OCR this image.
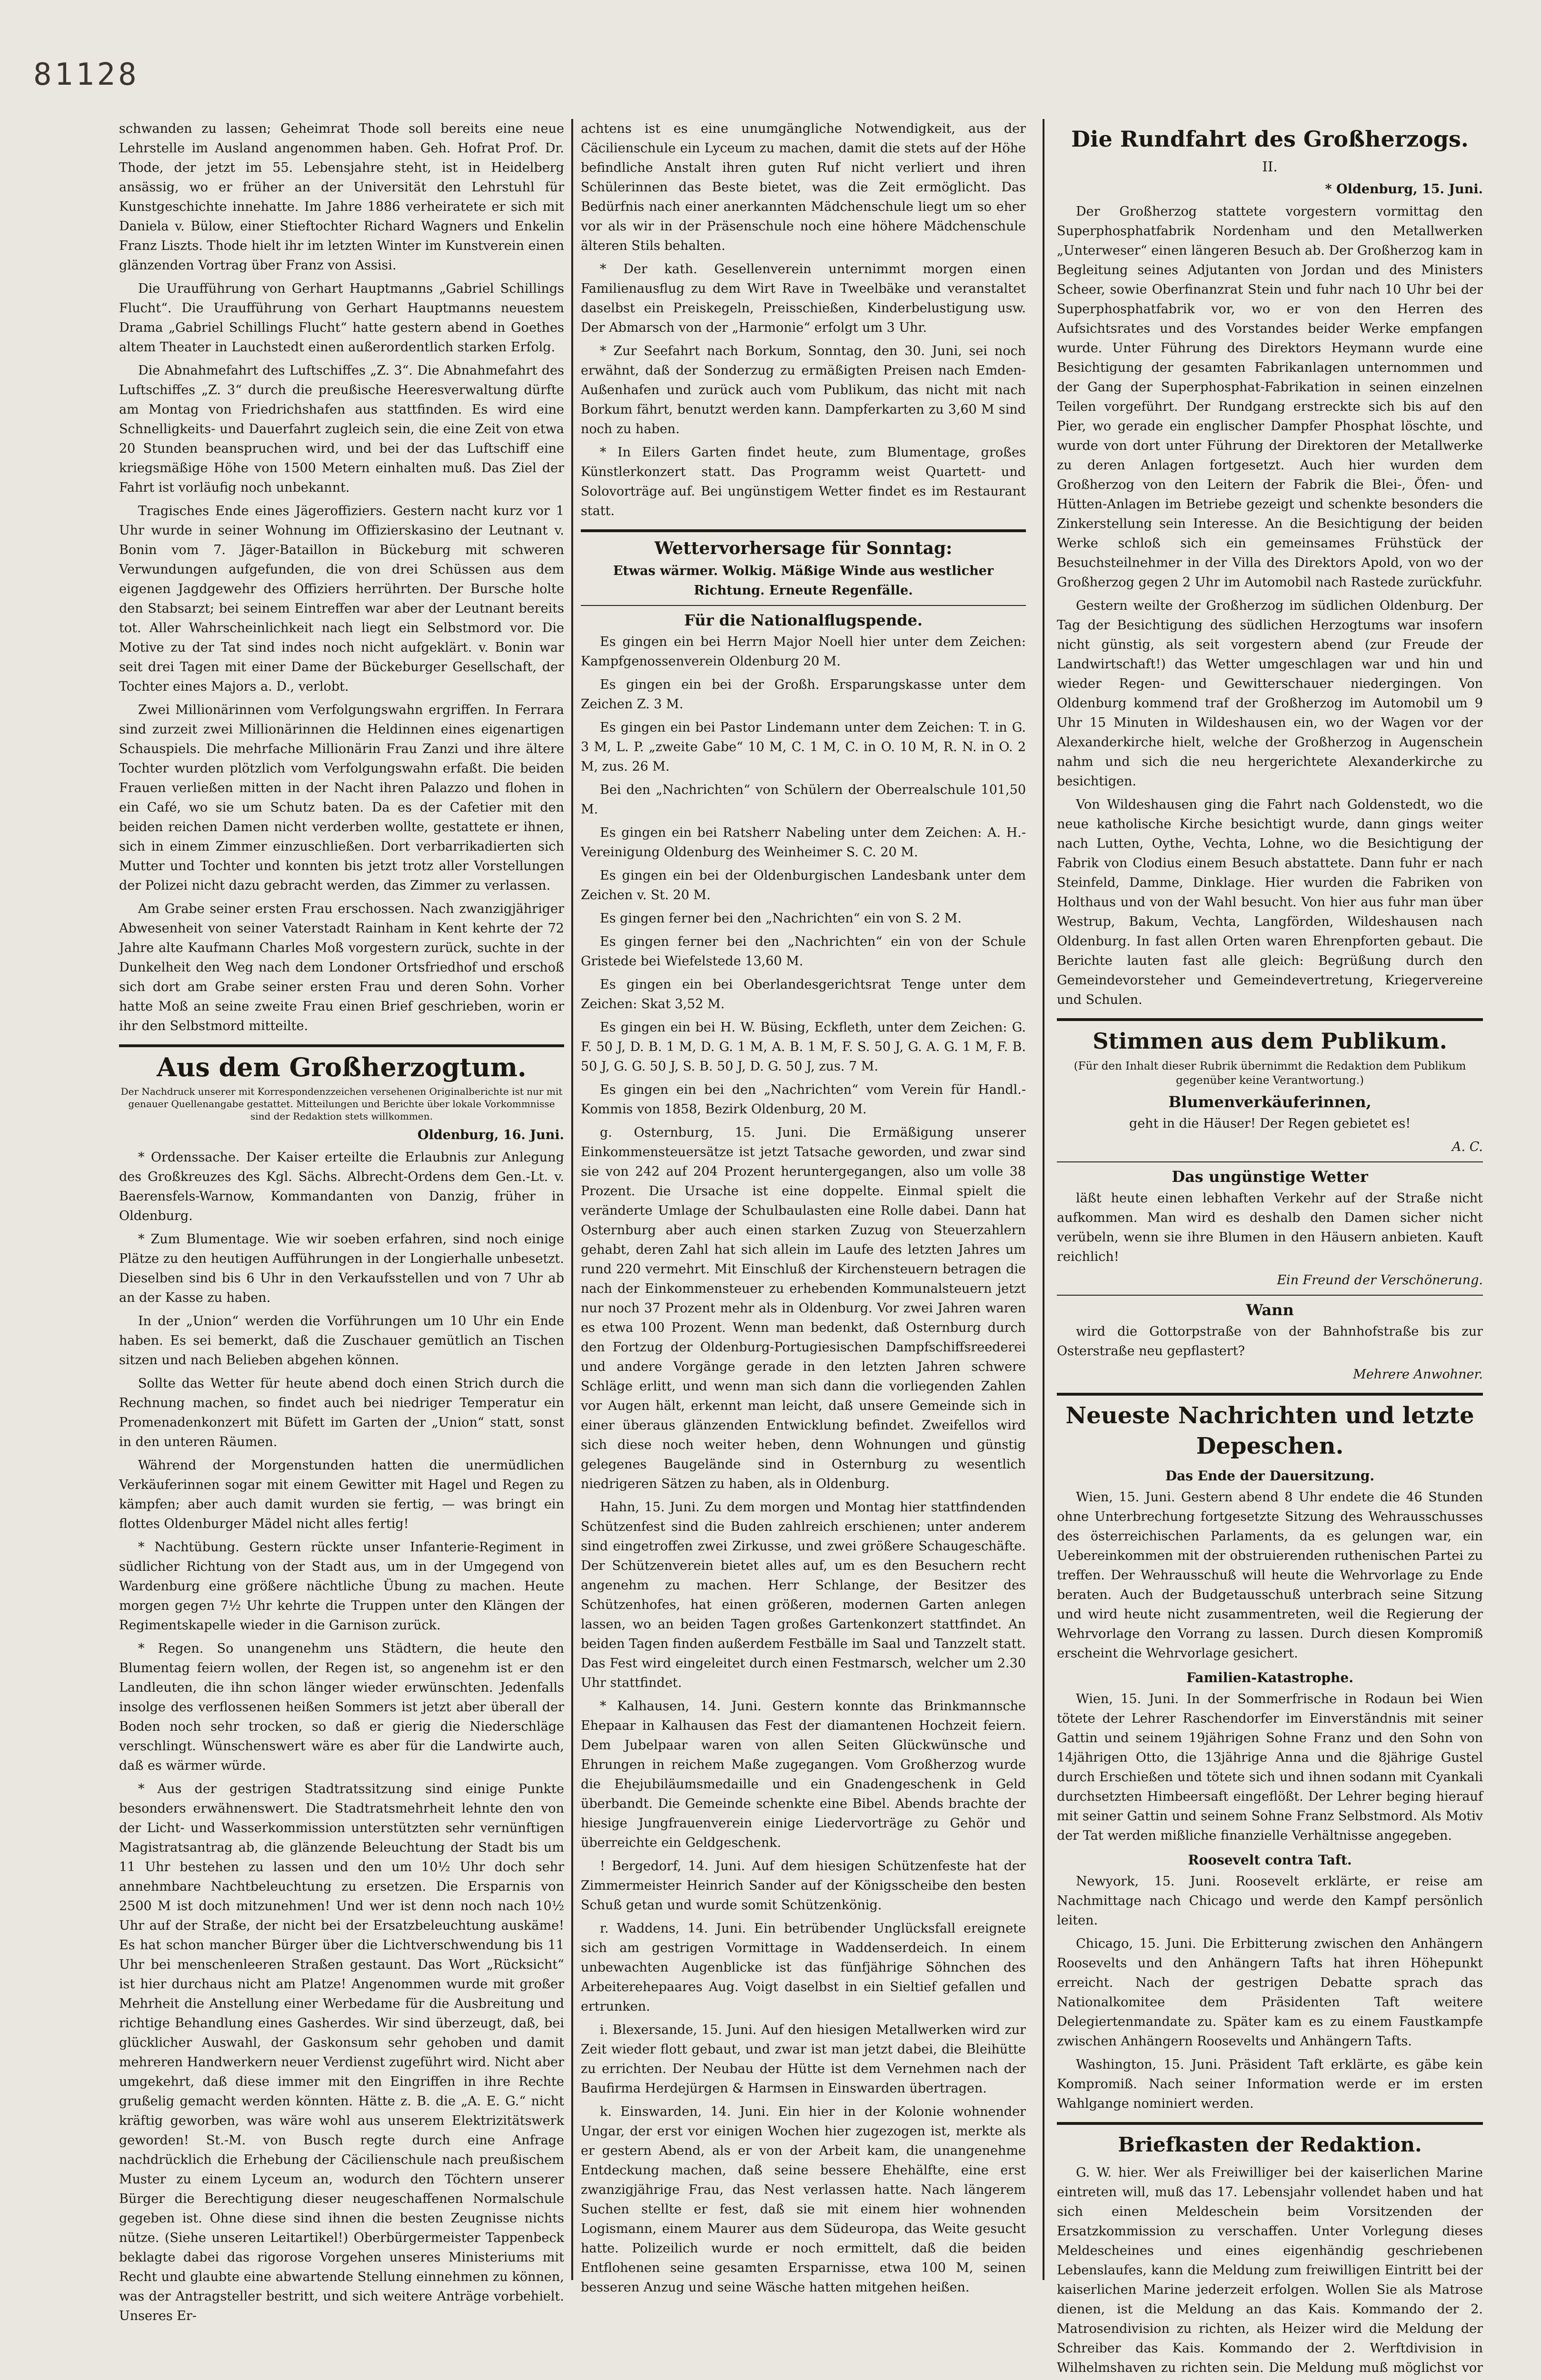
81128

schwanden zu lassen; Geheimrat Thode soll bereits eine neue Lehrstelle im Ausland angenommen haben. Geh. Hofrat Prof. Dr. Thode, der jetzt im 55. Lebensjahre steht, ist in Heidelberg ansässig, wo er früher an der Universität den Lehrstuhl für Kunstgeschichte innehatte. Im Jahre 1886 verheiratete er sich mit Daniela v. Bülow, einer Stieftochter Richard Wagners und Enkelin Franz Liszts. Thode hielt ihr im letzten Winter im Kunstverein einen glänzenden Vortrag über Franz von Assisi.

Die Uraufführung von Gerhart Hauptmanns „Gabriel Schillings Flucht“. Die Uraufführung von Gerhart Hauptmanns neuestem Drama „Gabriel Schillings Flucht“ hatte gestern abend in Goethes altem Theater in Lauchstedt einen außerordentlich starken Erfolg.

Die Abnahmefahrt des Luftschiffes „Z. 3“. Die Abnahmefahrt des Luftschiffes „Z. 3“ durch die preußische Heeresverwaltung dürfte am Montag von Friedrichshafen aus stattfinden. Es wird eine Schnelligkeits- und Dauerfahrt zugleich sein, die eine Zeit von etwa 20 Stunden beanspruchen wird, und bei der das Luftschiff eine kriegsmäßige Höhe von 1500 Metern einhalten muß. Das Ziel der Fahrt ist vorläufig noch unbekannt.

Tragisches Ende eines Jägeroffiziers. Gestern nacht kurz vor 1 Uhr wurde in seiner Wohnung im Offizierskasino der Leutnant v. Bonin vom 7. Jäger-Bataillon in Bückeburg mit schweren Verwundungen aufgefunden, die von drei Schüssen aus dem eigenen Jagdgewehr des Offiziers herrührten. Der Bursche holte den Stabsarzt; bei seinem Eintreffen war aber der Leutnant bereits tot. Aller Wahrscheinlichkeit nach liegt ein Selbstmord vor. Die Motive zu der Tat sind indes noch nicht aufgeklärt. v. Bonin war seit drei Tagen mit einer Dame der Bückeburger Gesellschaft, der Tochter eines Majors a. D., verlobt.

Zwei Millionärinnen vom Verfolgungswahn ergriffen. In Ferrara sind zurzeit zwei Millionärinnen die Heldinnen eines eigenartigen Schauspiels. Die mehrfache Millionärin Frau Zanzi und ihre ältere Tochter wurden plötzlich vom Verfolgungswahn erfaßt. Die beiden Frauen verließen mitten in der Nacht ihren Palazzo und flohen in ein Café, wo sie um Schutz baten. Da es der Cafetier mit den beiden reichen Damen nicht verderben wollte, gestattete er ihnen, sich in einem Zimmer einzuschließen. Dort verbarrikadierten sich Mutter und Tochter und konnten bis jetzt trotz aller Vorstellungen der Polizei nicht dazu gebracht werden, das Zimmer zu verlassen.

Am Grabe seiner ersten Frau erschossen. Nach zwanzigjähriger Abwesenheit von seiner Vaterstadt Rainham in Kent kehrte der 72 Jahre alte Kaufmann Charles Moß vorgestern zurück, suchte in der Dunkelheit den Weg nach dem Londoner Ortsfriedhof und erschoß sich dort am Grabe seiner ersten Frau und deren Sohn. Vorher hatte Moß an seine zweite Frau einen Brief geschrieben, worin er ihr den Selbstmord mitteilte.

Aus dem Großherzogtum.
Der Nachdruck unserer mit Korrespondenzzeichen versehenen Originalberichte ist nur mit genauer Quellenangabe gestattet. Mitteilungen und Berichte über lokale Vorkommnisse sind der Redaktion stets willkommen.
Oldenburg, 16. Juni.

* Ordenssache. Der Kaiser erteilte die Erlaubnis zur Anlegung des Großkreuzes des Kgl. Sächs. Albrecht-Ordens dem Gen.-Lt. v. Baerensfels-Warnow, Kommandanten von Danzig, früher in Oldenburg.

* Zum Blumentage. Wie wir soeben erfahren, sind noch einige Plätze zu den heutigen Aufführungen in der Longierhalle unbesetzt. Dieselben sind bis 6 Uhr in den Verkaufsstellen und von 7 Uhr ab an der Kasse zu haben.

In der „Union“ werden die Vorführungen um 10 Uhr ein Ende haben. Es sei bemerkt, daß die Zuschauer gemütlich an Tischen sitzen und nach Belieben abgehen können.

Sollte das Wetter für heute abend doch einen Strich durch die Rechnung machen, so findet auch bei niedriger Temperatur ein Promenadenkonzert mit Büfett im Garten der „Union“ statt, sonst in den unteren Räumen.

Während der Morgenstunden hatten die unermüdlichen Verkäuferinnen sogar mit einem Gewitter mit Hagel und Regen zu kämpfen; aber auch damit wurden sie fertig, — was bringt ein flottes Oldenburger Mädel nicht alles fertig!

* Nachtübung. Gestern rückte unser Infanterie-Regiment in südlicher Richtung von der Stadt aus, um in der Umgegend von Wardenburg eine größere nächtliche Übung zu machen. Heute morgen gegen 7½ Uhr kehrte die Truppen unter den Klängen der Regimentskapelle wieder in die Garnison zurück.

* Regen. So unangenehm uns Städtern, die heute den Blumentag feiern wollen, der Regen ist, so angenehm ist er den Landleuten, die ihn schon länger wieder erwünschten. Jedenfalls insolge des verflossenen heißen Sommers ist jetzt aber überall der Boden noch sehr trocken, so daß er gierig die Niederschläge verschlingt. Wünschenswert wäre es aber für die Landwirte auch, daß es wärmer würde.

* Aus der gestrigen Stadtratssitzung sind einige Punkte besonders erwähnenswert. Die Stadtratsmehrheit lehnte den von der Licht- und Wasserkommission unterstützten sehr vernünftigen Magistratsantrag ab, die glänzende Beleuchtung der Stadt bis um 11 Uhr bestehen zu lassen und den um 10½ Uhr doch sehr annehmbare Nachtbeleuchtung zu ersetzen. Die Ersparnis von 2500 M ist doch mitzunehmen! Und wer ist denn noch nach 10½ Uhr auf der Straße, der nicht bei der Ersatzbeleuchtung auskäme! Es hat schon mancher Bürger über die Lichtverschwendung bis 11 Uhr bei menschenleeren Straßen gestaunt. Das Wort „Rücksicht“ ist hier durchaus nicht am Platze! Angenommen wurde mit großer Mehrheit die Anstellung einer Werbedame für die Ausbreitung und richtige Behandlung eines Gasherdes. Wir sind überzeugt, daß, bei glücklicher Auswahl, der Gaskonsum sehr gehoben und damit mehreren Handwerkern neuer Verdienst zugeführt wird. Nicht aber umgekehrt, daß diese immer mit den Eingriffen in ihre Rechte grußelig gemacht werden könnten. Hätte z. B. die „A. E. G.“ nicht kräftig geworben, was wäre wohl aus unserem Elektrizitätswerk geworden! St.-M. von Busch regte durch eine Anfrage nachdrücklich die Erhebung der Cäcilienschule nach preußischem Muster zu einem Lyceum an, wodurch den Töchtern unserer Bürger die Berechtigung dieser neugeschaffenen Normalschule gegeben ist. Ohne diese sind ihnen die besten Zeugnisse nichts nütze. (Siehe unseren Leitartikel!) Oberbürgermeister Tappenbeck beklagte dabei das rigorose Vorgehen unseres Ministeriums mit Recht und glaubte eine abwartende Stellung einnehmen zu können, was der Antragsteller bestritt, und sich weitere Anträge vorbehielt. Unseres Er-

achtens ist es eine unumgängliche Notwendigkeit, aus der Cäcilienschule ein Lyceum zu machen, damit die stets auf der Höhe befindliche Anstalt ihren guten Ruf nicht verliert und ihren Schülerinnen das Beste bietet, was die Zeit ermöglicht. Das Bedürfnis nach einer anerkannten Mädchenschule liegt um so eher vor als wir in der Präsenschule noch eine höhere Mädchenschule älteren Stils behalten.

* Der kath. Gesellenverein unternimmt morgen einen Familienausflug zu dem Wirt Rave in Tweelbäke und veranstaltet daselbst ein Preiskegeln, Preisschießen, Kinderbelustigung usw. Der Abmarsch von der „Harmonie“ erfolgt um 3 Uhr.

* Zur Seefahrt nach Borkum, Sonntag, den 30. Juni, sei noch erwähnt, daß der Sonderzug zu ermäßigten Preisen nach Emden-Außenhafen und zurück auch vom Publikum, das nicht mit nach Borkum fährt, benutzt werden kann. Dampferkarten zu 3,60 M sind noch zu haben.

* In Eilers Garten findet heute, zum Blumentage, großes Künstlerkonzert statt. Das Programm weist Quartett- und Solovorträge auf. Bei ungünstigem Wetter findet es im Restaurant statt.

Wettervorhersage für Sonntag:

Etwas wärmer. Wolkig. Mäßige Winde aus westlicher Richtung. Erneute Regenfälle.

Für die Nationalflugspende.

Es gingen ein bei Herrn Major Noell hier unter dem Zeichen: Kampfgenossenverein Oldenburg 20 M.

Es gingen ein bei der Großh. Ersparungskasse unter dem Zeichen Z. 3 M.

Es gingen ein bei Pastor Lindemann unter dem Zeichen: T. in G. 3 M, L. P. „zweite Gabe“ 10 M, C. 1 M, C. in O. 10 M, R. N. in O. 2 M, zus. 26 M.

Bei den „Nachrichten“ von Schülern der Oberrealschule 101,50 M.

Es gingen ein bei Ratsherr Nabeling unter dem Zeichen: A. H.-Vereinigung Oldenburg des Weinheimer S. C. 20 M.

Es gingen ein bei der Oldenburgischen Landesbank unter dem Zeichen v. St. 20 M.

Es gingen ferner bei den „Nachrichten“ ein von S. 2 M.

Es gingen ferner bei den „Nachrichten“ ein von der Schule Gristede bei Wiefelstede 13,60 M.

Es gingen ein bei Oberlandesgerichtsrat Tenge unter dem Zeichen: Skat 3,52 M.

Es gingen ein bei H. W. Büsing, Eckfleth, unter dem Zeichen: G. F. 50 J, D. B. 1 M, D. G. 1 M, A. B. 1 M, F. S. 50 J, G. A. G. 1 M, F. B. 50 J, G. G. 50 J, S. B. 50 J, D. G. 50 J, zus. 7 M.

Es gingen ein bei den „Nachrichten“ vom Verein für Handl.-Kommis von 1858, Bezirk Oldenburg, 20 M.

g. Osternburg, 15. Juni. Die Ermäßigung unserer Einkommensteuersätze ist jetzt Tatsache geworden, und zwar sind sie von 242 auf 204 Prozent heruntergegangen, also um volle 38 Prozent. Die Ursache ist eine doppelte. Einmal spielt die veränderte Umlage der Schulbaulasten eine Rolle dabei. Dann hat Osternburg aber auch einen starken Zuzug von Steuerzahlern gehabt, deren Zahl hat sich allein im Laufe des letzten Jahres um rund 220 vermehrt. Mit Einschluß der Kirchensteuern betragen die nach der Einkommensteuer zu erhebenden Kommunalsteuern jetzt nur noch 37 Prozent mehr als in Oldenburg. Vor zwei Jahren waren es etwa 100 Prozent. Wenn man bedenkt, daß Osternburg durch den Fortzug der Oldenburg-Portugiesischen Dampfschiffsreederei und andere Vorgänge gerade in den letzten Jahren schwere Schläge erlitt, und wenn man sich dann die vorliegenden Zahlen vor Augen hält, erkennt man leicht, daß unsere Gemeinde sich in einer überaus glänzenden Entwicklung befindet. Zweifellos wird sich diese noch weiter heben, denn Wohnungen und günstig gelegenes Baugelände sind in Osternburg zu wesentlich niedrigeren Sätzen zu haben, als in Oldenburg.

Hahn, 15. Juni. Zu dem morgen und Montag hier stattfindenden Schützenfest sind die Buden zahlreich erschienen; unter anderem sind eingetroffen zwei Zirkusse, und zwei größere Schaugeschäfte. Der Schützenverein bietet alles auf, um es den Besuchern recht angenehm zu machen. Herr Schlange, der Besitzer des Schützenhofes, hat einen größeren, modernen Garten anlegen lassen, wo an beiden Tagen großes Gartenkonzert stattfindet. An beiden Tagen finden außerdem Festbälle im Saal und Tanzzelt statt. Das Fest wird eingeleitet durch einen Festmarsch, welcher um 2.30 Uhr stattfindet.

* Kalhausen, 14. Juni. Gestern konnte das Brinkmannsche Ehepaar in Kalhausen das Fest der diamantenen Hochzeit feiern. Dem Jubelpaar waren von allen Seiten Glückwünsche und Ehrungen in reichem Maße zugegangen. Vom Großherzog wurde die Ehejubiläumsmedaille und ein Gnadengeschenk in Geld überbandt. Die Gemeinde schenkte eine Bibel. Abends brachte der hiesige Jungfrauenverein einige Liedervorträge zu Gehör und überreichte ein Geldgeschenk.

! Bergedorf, 14. Juni. Auf dem hiesigen Schützenfeste hat der Zimmermeister Heinrich Sander auf der Königsscheibe den besten Schuß getan und wurde somit Schützenkönig.

r. Waddens, 14. Juni. Ein betrübender Unglücksfall ereignete sich am gestrigen Vormittage in Waddenserdeich. In einem unbewachten Augenblicke ist das fünfjährige Söhnchen des Arbeiterehepaares Aug. Voigt daselbst in ein Sieltief gefallen und ertrunken.

i. Blexersande, 15. Juni. Auf den hiesigen Metallwerken wird zur Zeit wieder flott gebaut, und zwar ist man jetzt dabei, die Bleihütte zu errichten. Der Neubau der Hütte ist dem Vernehmen nach der Baufirma Herdejürgen & Harmsen in Einswarden übertragen.

k. Einswarden, 14. Juni. Ein hier in der Kolonie wohnender Ungar, der erst vor einigen Wochen hier zugezogen ist, merkte als er gestern Abend, als er von der Arbeit kam, die unangenehme Entdeckung machen, daß seine bessere Ehehälfte, eine erst zwanzigjährige Frau, das Nest verlassen hatte. Nach längerem Suchen stellte er fest, daß sie mit einem hier wohnenden Logismann, einem Maurer aus dem Südeuropa, das Weite gesucht hatte. Polizeilich wurde er noch ermittelt, daß die beiden Entflohenen seine gesamten Ersparnisse, etwa 100 M, seinen besseren Anzug und seine Wäsche hatten mitgehen heißen.

Die Rundfahrt des Großherzogs.
II.
* Oldenburg, 15. Juni.

Der Großherzog stattete vorgestern vormittag den Superphosphatfabrik Nordenham und den Metallwerken „Unterweser“ einen längeren Besuch ab. Der Großherzog kam in Begleitung seines Adjutanten von Jordan und des Ministers Scheer, sowie Oberfinanzrat Stein und fuhr nach 10 Uhr bei der Superphosphatfabrik vor, wo er von den Herren des Aufsichtsrates und des Vorstandes beider Werke empfangen wurde. Unter Führung des Direktors Heymann wurde eine Besichtigung der gesamten Fabrikanlagen unternommen und der Gang der Superphosphat-Fabrikation in seinen einzelnen Teilen vorgeführt. Der Rundgang erstreckte sich bis auf den Pier, wo gerade ein englischer Dampfer Phosphat löschte, und wurde von dort unter Führung der Direktoren der Metallwerke zu deren Anlagen fortgesetzt. Auch hier wurden dem Großherzog von den Leitern der Fabrik die Blei-, Öfen- und Hütten-Anlagen im Betriebe gezeigt und schenkte besonders die Zinkerstellung sein Interesse. An die Besichtigung der beiden Werke schloß sich ein gemeinsames Frühstück der Besuchsteilnehmer in der Villa des Direktors Apold, von wo der Großherzog gegen 2 Uhr im Automobil nach Rastede zurückfuhr.

Gestern weilte der Großherzog im südlichen Oldenburg. Der Tag der Besichtigung des südlichen Herzogtums war insofern nicht günstig, als seit vorgestern abend (zur Freude der Landwirtschaft!) das Wetter umgeschlagen war und hin und wieder Regen- und Gewitterschauer niedergingen. Von Oldenburg kommend traf der Großherzog im Automobil um 9 Uhr 15 Minuten in Wildeshausen ein, wo der Wagen vor der Alexanderkirche hielt, welche der Großherzog in Augenschein nahm und sich die neu hergerichtete Alexanderkirche zu besichtigen.

Von Wildeshausen ging die Fahrt nach Goldenstedt, wo die neue katholische Kirche besichtigt wurde, dann gings weiter nach Lutten, Oythe, Vechta, Lohne, wo die Besichtigung der Fabrik von Clodius einem Besuch abstattete. Dann fuhr er nach Steinfeld, Damme, Dinklage. Hier wurden die Fabriken von Holthaus und von der Wahl besucht. Von hier aus fuhr man über Westrup, Bakum, Vechta, Langförden, Wildeshausen nach Oldenburg. In fast allen Orten waren Ehrenpforten gebaut. Die Berichte lauten fast alle gleich: Begrüßung durch den Gemeindevorsteher und Gemeindevertretung, Kriegervereine und Schulen.

Stimmen aus dem Publikum.
(Für den Inhalt dieser Rubrik übernimmt die Redaktion dem Publikum gegenüber keine Verantwortung.)
Blumenverkäuferinnen,

geht in die Häuser! Der Regen gebietet es!

A. C.
Das ungünstige Wetter

läßt heute einen lebhaften Verkehr auf der Straße nicht aufkommen. Man wird es deshalb den Damen sicher nicht verübeln, wenn sie ihre Blumen in den Häusern anbieten. Kauft reichlich!

Ein Freund der Verschönerung.
Wann

wird die Gottorpstraße von der Bahnhofstraße bis zur Osterstraße neu gepflastert?

Mehrere Anwohner.
Neueste Nachrichten und letzte Depeschen.
Das Ende der Dauersitzung.

Wien, 15. Juni. Gestern abend 8 Uhr endete die 46 Stunden ohne Unterbrechung fortgesetzte Sitzung des Wehrausschusses des österreichischen Parlaments, da es gelungen war, ein Uebereinkommen mit der obstruierenden ruthenischen Partei zu treffen. Der Wehrausschuß will heute die Wehrvorlage zu Ende beraten. Auch der Budgetausschuß unterbrach seine Sitzung und wird heute nicht zusammentreten, weil die Regierung der Wehrvorlage den Vorrang zu lassen. Durch diesen Kompromiß erscheint die Wehrvorlage gesichert.

Familien-Katastrophe.

Wien, 15. Juni. In der Sommerfrische in Rodaun bei Wien tötete der Lehrer Raschendorfer im Einverständnis mit seiner Gattin und seinem 19jährigen Sohne Franz und den Sohn von 14jährigen Otto, die 13jährige Anna und die 8jährige Gustel durch Erschießen und tötete sich und ihnen sodann mit Cyankali durchsetzten Himbeersaft eingeflößt. Der Lehrer beging hierauf mit seiner Gattin und seinem Sohne Franz Selbstmord. Als Motiv der Tat werden mißliche finanzielle Verhältnisse angegeben.

Roosevelt contra Taft.

Newyork, 15. Juni. Roosevelt erklärte, er reise am Nachmittage nach Chicago und werde den Kampf persönlich leiten.

Chicago, 15. Juni. Die Erbitterung zwischen den Anhängern Roosevelts und den Anhängern Tafts hat ihren Höhepunkt erreicht. Nach der gestrigen Debatte sprach das Nationalkomitee dem Präsidenten Taft weitere Delegiertenmandate zu. Später kam es zu einem Faustkampfe zwischen Anhängern Roosevelts und Anhängern Tafts.

Washington, 15. Juni. Präsident Taft erklärte, es gäbe kein Kompromiß. Nach seiner Information werde er im ersten Wahlgange nominiert werden.

Briefkasten der Redaktion.

G. W. hier. Wer als Freiwilliger bei der kaiserlichen Marine eintreten will, muß das 17. Lebensjahr vollendet haben und hat sich einen Meldeschein beim Vorsitzenden der Ersatzkommission zu verschaffen. Unter Vorlegung dieses Meldescheines und eines eigenhändig geschriebenen Lebenslaufes, kann die Meldung zum freiwilligen Eintritt bei der kaiserlichen Marine jederzeit erfolgen. Wollen Sie als Matrose dienen, ist die Meldung an das Kais. Kommando der 2. Matrosendivision zu richten, als Heizer wird die Meldung der Schreiber das Kais. Kommando der 2. Werftdivision in Wilhelmshaven zu richten sein. Die Meldung muß möglichst vor
